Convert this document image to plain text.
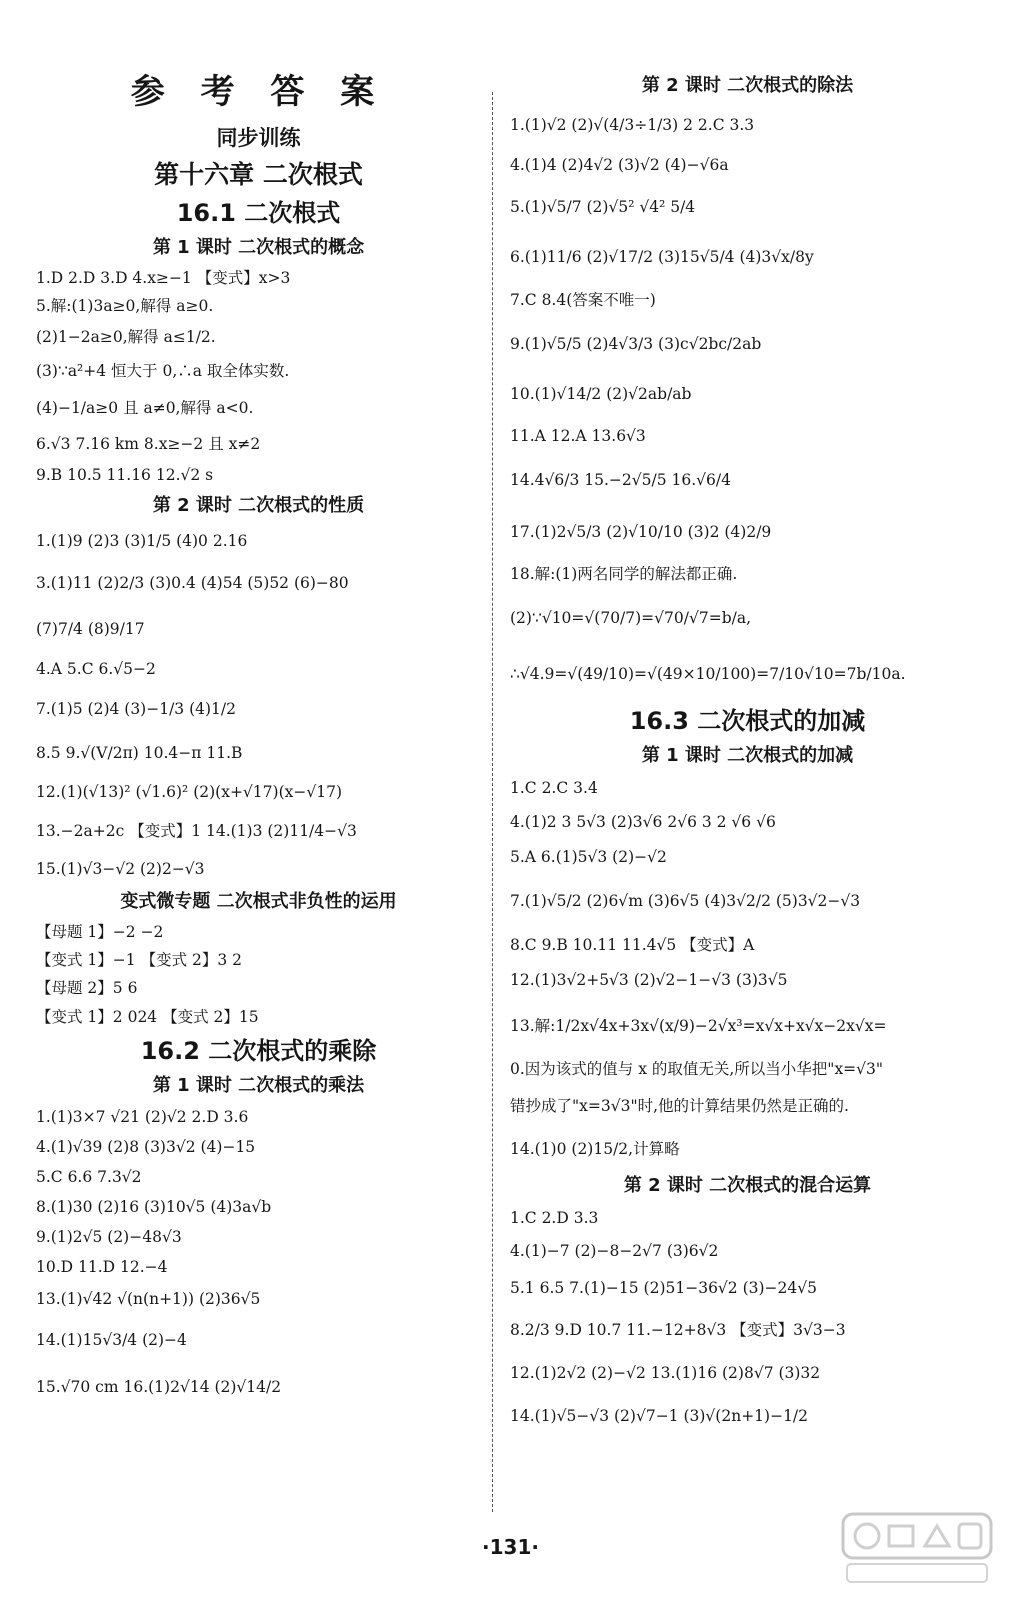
参 考 答 案
同步训练
第十六章 二次根式
16.1 二次根式
第 1 课时 二次根式的概念
1.D 2.D 3.D 4.x≥−1 【变式】x>3
5.解:(1)3a≥0,解得 a≥0.
(2)1−2a≥0,解得 a≤1/2.
(3)∵a²+4 恒大于 0,∴a 取全体实数.
(4)−1/a≥0 且 a≠0,解得 a<0.
6.√3 7.16 km 8.x≥−2 且 x≠2
9.B 10.5 11.16 12.√2 s
第 2 课时 二次根式的性质
1.(1)9 (2)3 (3)1/5 (4)0 2.16
3.(1)11 (2)2/3 (3)0.4 (4)54 (5)52 (6)−80
(7)7/4 (8)9/17
4.A 5.C 6.√5−2
7.(1)5 (2)4 (3)−1/3 (4)1/2
8.5 9.√(V/2π) 10.4−π 11.B
12.(1)(√13)² (√1.6)² (2)(x+√17)(x−√17)
13.−2a+2c 【变式】1 14.(1)3 (2)11/4−√3
15.(1)√3−√2 (2)2−√3
变式微专题 二次根式非负性的运用
【母题 1】−2 −2
【变式 1】−1 【变式 2】3 2
【母题 2】5 6
【变式 1】2 024 【变式 2】15
16.2 二次根式的乘除
第 1 课时 二次根式的乘法
1.(1)3×7 √21 (2)√2 2.D 3.6
4.(1)√39 (2)8 (3)3√2 (4)−15
5.C 6.6 7.3√2
8.(1)30 (2)16 (3)10√5 (4)3a√b
9.(1)2√5 (2)−48√3
10.D 11.D 12.−4
13.(1)√42 √(n(n+1)) (2)36√5
14.(1)15√3/4 (2)−4
15.√70 cm 16.(1)2√14 (2)√14/2
第 2 课时 二次根式的除法
1.(1)√2 (2)√(4/3÷1/3) 2 2.C 3.3
4.(1)4 (2)4√2 (3)√2 (4)−√6a
5.(1)√5/7 (2)√5² √4² 5/4
6.(1)11/6 (2)√17/2 (3)15√5/4 (4)3√x/8y
7.C 8.4(答案不唯一)
9.(1)√5/5 (2)4√3/3 (3)c√2bc/2ab
10.(1)√14/2 (2)√2ab/ab
11.A 12.A 13.6√3
14.4√6/3 15.−2√5/5 16.√6/4
17.(1)2√5/3 (2)√10/10 (3)2 (4)2/9
18.解:(1)两名同学的解法都正确.
(2)∵√10=√(70/7)=√70/√7=b/a,
∴√4.9=√(49/10)=√(49×10/100)=7/10√10=7b/10a.
16.3 二次根式的加减
第 1 课时 二次根式的加减
1.C 2.C 3.4
4.(1)2 3 5√3 (2)3√6 2√6 3 2 √6 √6
5.A 6.(1)5√3 (2)−√2
7.(1)√5/2 (2)6√m (3)6√5 (4)3√2/2 (5)3√2−√3
8.C 9.B 10.11 11.4√5 【变式】A
12.(1)3√2+5√3 (2)√2−1−√3 (3)3√5
13.解:1/2x√4x+3x√(x/9)−2√x³=x√x+x√x−2x√x=
0.因为该式的值与 x 的取值无关,所以当小华把"x=√3"
错抄成了"x=3√3"时,他的计算结果仍然是正确的.
14.(1)0 (2)15/2,计算略
第 2 课时 二次根式的混合运算
1.C 2.D 3.3
4.(1)−7 (2)−8−2√7 (3)6√2
5.1 6.5 7.(1)−15 (2)51−36√2 (3)−24√5
8.2/3 9.D 10.7 11.−12+8√3 【变式】3√3−3
12.(1)2√2 (2)−√2 13.(1)16 (2)8√7 (3)32
14.(1)√5−√3 (2)√7−1 (3)√(2n+1)−1/2
·131·
